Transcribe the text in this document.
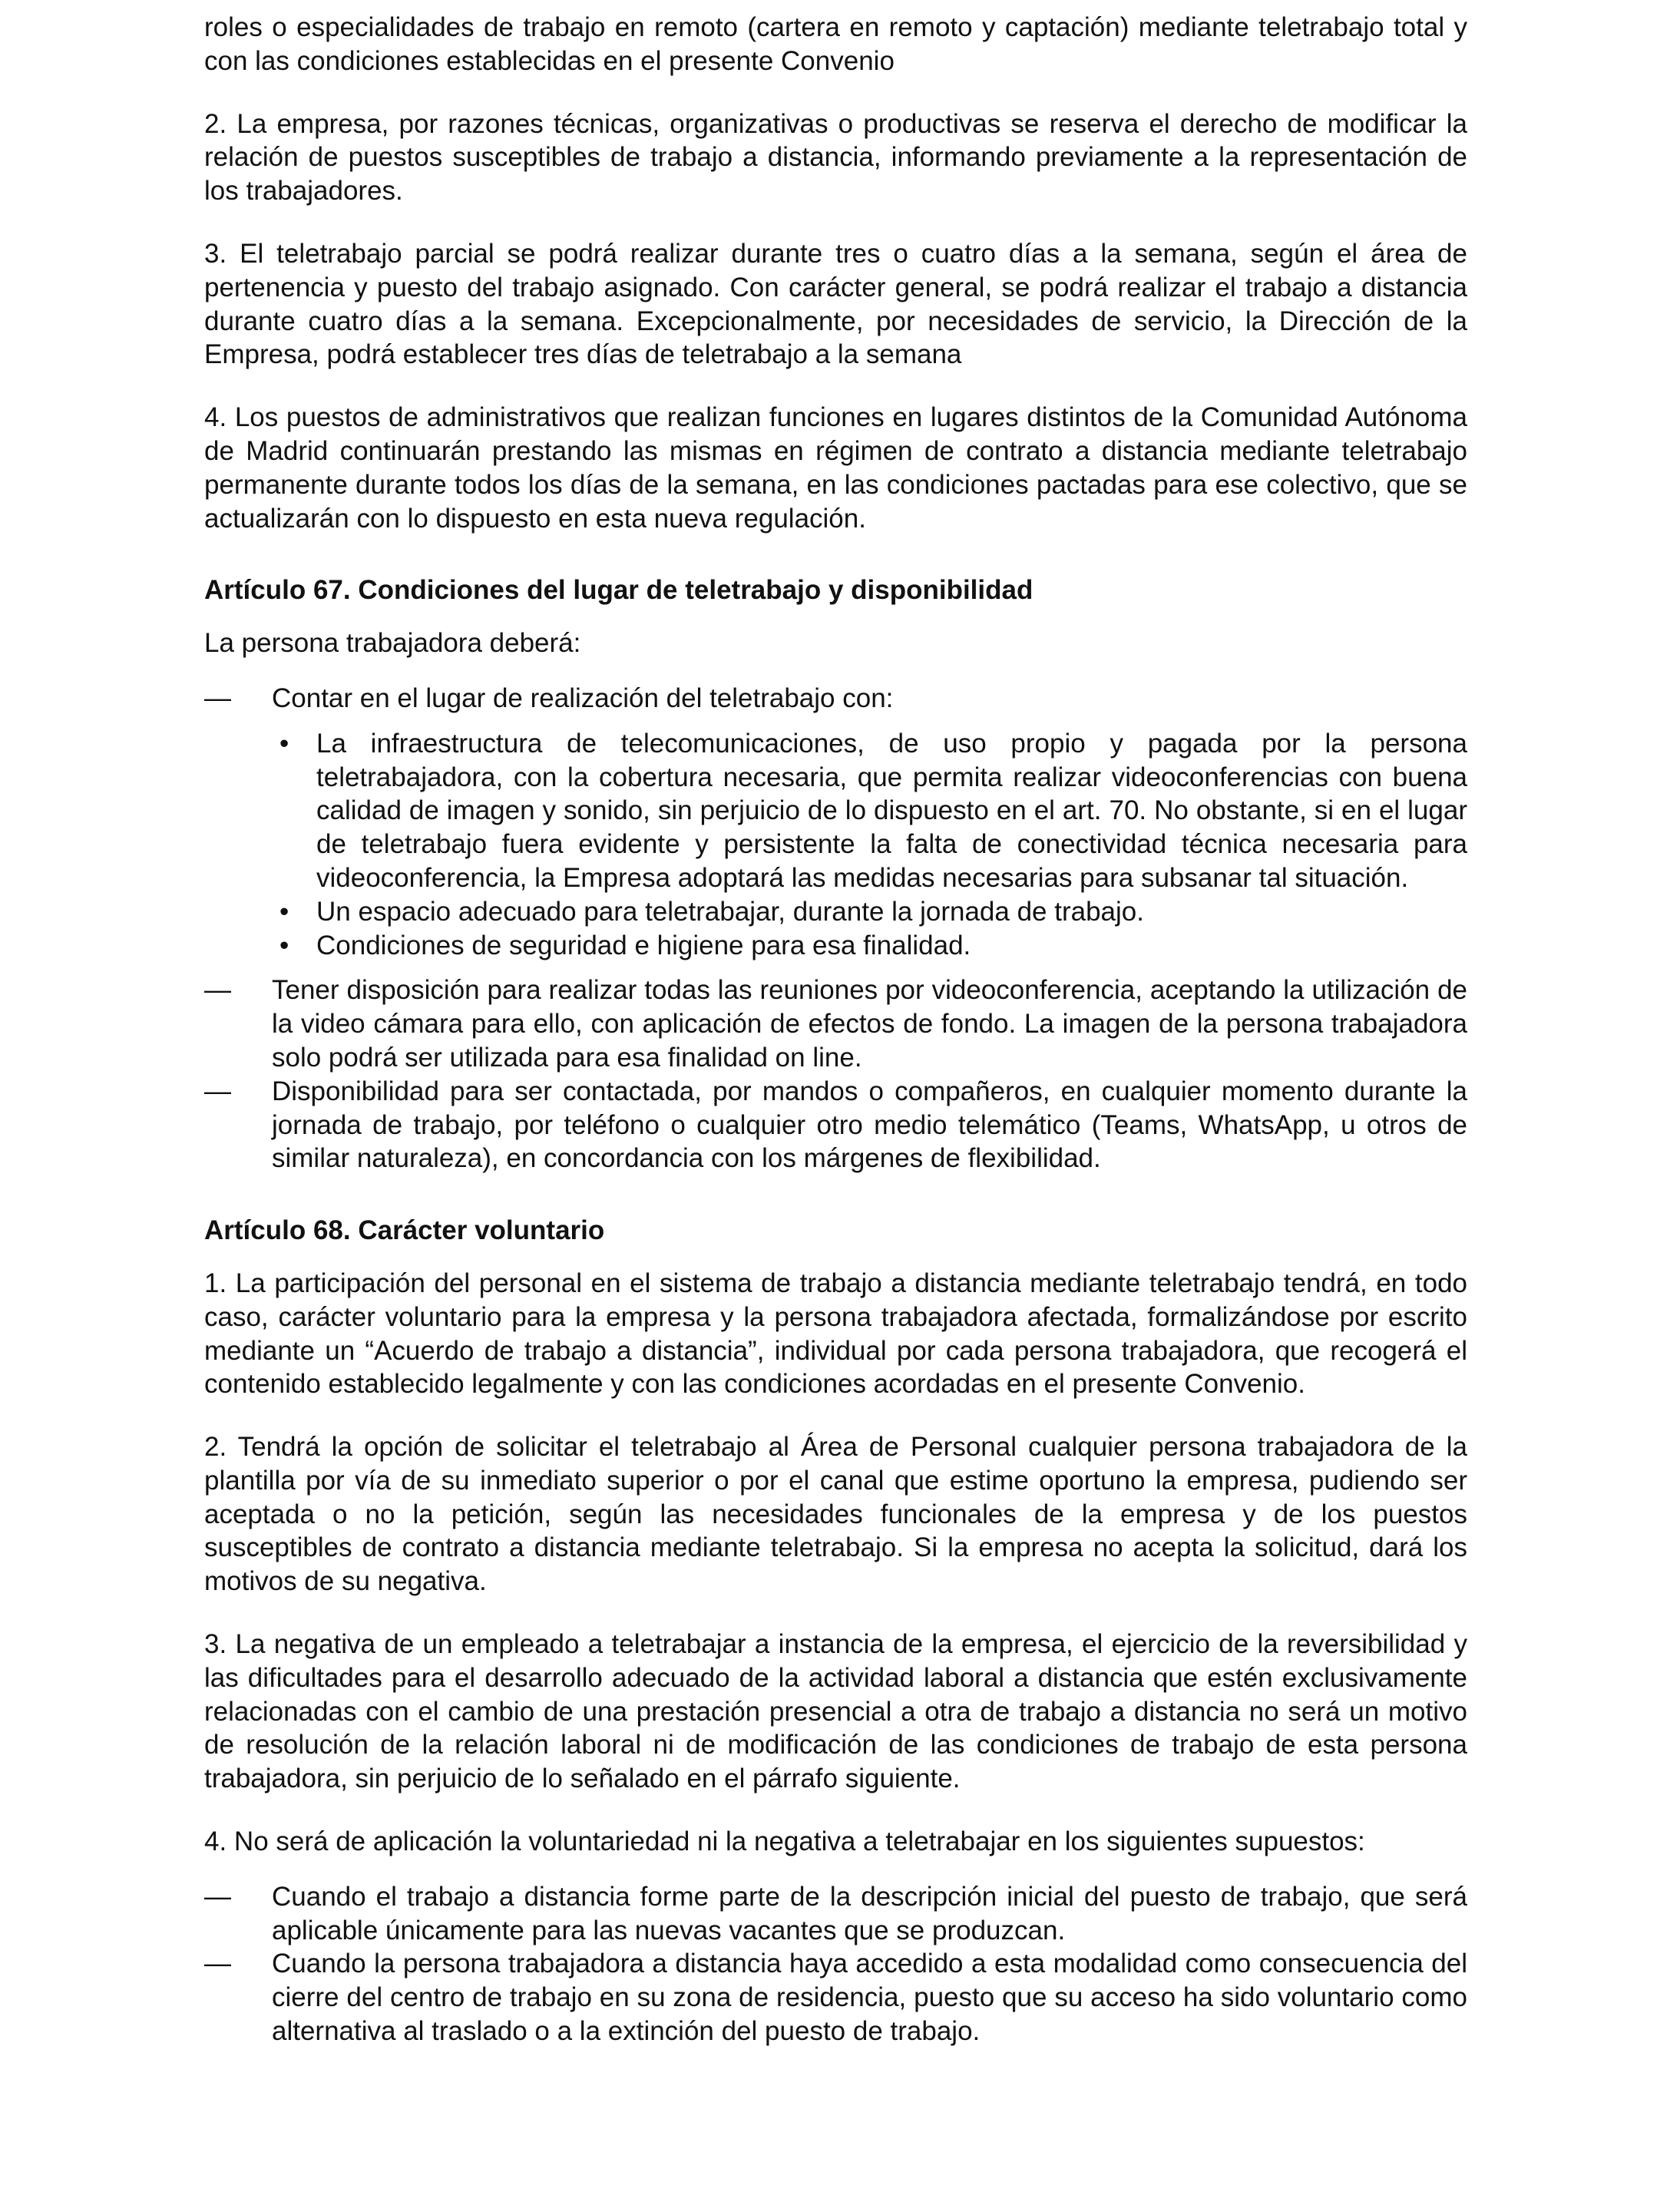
roles o especialidades de trabajo en remoto (cartera en remoto y captación) mediante teletrabajo total y con las condiciones establecidas en el presente Convenio

2. La empresa, por razones técnicas, organizativas o productivas se reserva el derecho de modificar la relación de puestos susceptibles de trabajo a distancia, informando previamente a la representación de los trabajadores.

3. El teletrabajo parcial se podrá realizar durante tres o cuatro días a la semana, según el área de pertenencia y puesto del trabajo asignado. Con carácter general, se podrá realizar el trabajo a distancia durante cuatro días a la semana. Excepcionalmente, por necesidades de servicio, la Dirección de la Empresa, podrá establecer tres días de teletrabajo a la semana

4. Los puestos de administrativos que realizan funciones en lugares distintos de la Comunidad Autónoma de Madrid continuarán prestando las mismas en régimen de contrato a distancia mediante teletrabajo permanente durante todos los días de la semana, en las condiciones pactadas para ese colectivo, que se actualizarán con lo dispuesto en esta nueva regulación.

Artículo 67. Condiciones del lugar de teletrabajo y disponibilidad

La persona trabajadora deberá:

— Contar en el lugar de realización del teletrabajo con:
• La infraestructura de telecomunicaciones, de uso propio y pagada por la persona teletrabajadora, con la cobertura necesaria, que permita realizar videoconferencias con buena calidad de imagen y sonido, sin perjuicio de lo dispuesto en el art. 70. No obstante, si en el lugar de teletrabajo fuera evidente y persistente la falta de conectividad técnica necesaria para videoconferencia, la Empresa adoptará las medidas necesarias para subsanar tal situación.
• Un espacio adecuado para teletrabajar, durante la jornada de trabajo.
• Condiciones de seguridad e higiene para esa finalidad.
— Tener disposición para realizar todas las reuniones por videoconferencia, aceptando la utilización de la video cámara para ello, con aplicación de efectos de fondo. La imagen de la persona trabajadora solo podrá ser utilizada para esa finalidad on line.
— Disponibilidad para ser contactada, por mandos o compañeros, en cualquier momento durante la jornada de trabajo, por teléfono o cualquier otro medio telemático (Teams, WhatsApp, u otros de similar naturaleza), en concordancia con los márgenes de flexibilidad.
Artículo 68. Carácter voluntario

1. La participación del personal en el sistema de trabajo a distancia mediante teletrabajo tendrá, en todo caso, carácter voluntario para la empresa y la persona trabajadora afectada, formalizándose por escrito mediante un “Acuerdo de trabajo a distancia”, individual por cada persona trabajadora, que recogerá el contenido establecido legalmente y con las condiciones acordadas en el presente Convenio.

2. Tendrá la opción de solicitar el teletrabajo al Área de Personal cualquier persona trabajadora de la plantilla por vía de su inmediato superior o por el canal que estime oportuno la empresa, pudiendo ser aceptada o no la petición, según las necesidades funcionales de la empresa y de los puestos susceptibles de contrato a distancia mediante teletrabajo. Si la empresa no acepta la solicitud, dará los motivos de su negativa.

3. La negativa de un empleado a teletrabajar a instancia de la empresa, el ejercicio de la reversibilidad y las dificultades para el desarrollo adecuado de la actividad laboral a distancia que estén exclusivamente relacionadas con el cambio de una prestación presencial a otra de trabajo a distancia no será un motivo de resolución de la relación laboral ni de modificación de las condiciones de trabajo de esta persona trabajadora, sin perjuicio de lo señalado en el párrafo siguiente.

4. No será de aplicación la voluntariedad ni la negativa a teletrabajar en los siguientes supuestos:

— Cuando el trabajo a distancia forme parte de la descripción inicial del puesto de trabajo, que será aplicable únicamente para las nuevas vacantes que se produzcan.
— Cuando la persona trabajadora a distancia haya accedido a esta modalidad como consecuencia del cierre del centro de trabajo en su zona de residencia, puesto que su acceso ha sido voluntario como alternativa al traslado o a la extinción del puesto de trabajo.
